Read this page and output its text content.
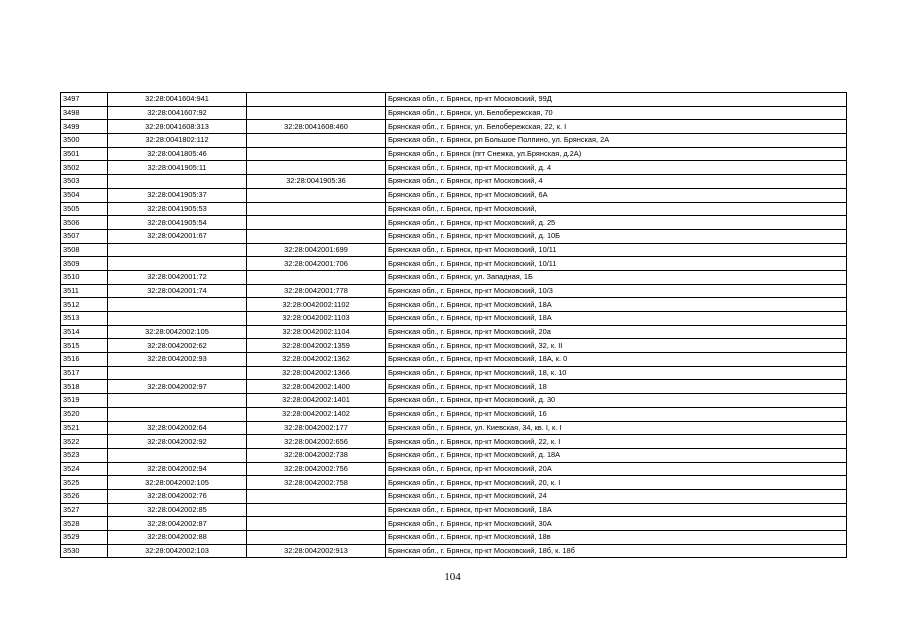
3497	32:28:0041604:941		Брянская обл., г. Брянск, пр-кт Московский, 99Д
3498	32:28:0041607:92		Брянская обл., г. Брянск, ул. Белобережская, 70
3499	32:28:0041608:313	32:28:0041608:460	Брянская обл., г. Брянск, ул. Белобережская, 22, к. І
3500	32:28:0041802:112		Брянская обл., г. Брянск, рп Большое Полпино, ул. Брянская, 2А
3501	32:28:0041805:46		Брянская обл., г. Брянск (пгт Снежка, ул.Брянская, д.2А)
3502	32:28:0041905:11		Брянская обл., г. Брянск, пр-кт Московский, д. 4
3503		32:28:0041905:36	Брянская обл., г. Брянск, пр-кт Московский, 4
3504	32:28:0041905:37		Брянская обл., г. Брянск, пр-кт Московский, 6А
3505	32:28:0041905:53		Брянская обл., г. Брянск, пр-кт Московский,
3506	32:28:0041905:54		Брянская обл., г. Брянск, пр-кт Московский, д. 25
3507	32:28:0042001:67		Брянская обл., г. Брянск, пр-кт Московский, д. 10Б
3508		32:28:0042001:699	Брянская обл., г. Брянск, пр-кт Московский, 10/11
3509		32:28:0042001:706	Брянская обл., г. Брянск, пр-кт Московский, 10/11
3510	32:28:0042001:72		Брянская обл., г. Брянск, ул. Западная, 1Б
3511	32:28:0042001:74	32:28:0042001:778	Брянская обл., г. Брянск, пр-кт Московский, 10/3
3512		32:28:0042002:1102	Брянская обл., г. Брянск, пр-кт Московский, 18А
3513		32:28:0042002:1103	Брянская обл., г. Брянск, пр-кт Московский, 18А
3514	32:28:0042002:105	32:28:0042002:1104	Брянская обл., г. Брянск, пр-кт Московский, 20а
3515	32:28:0042002:62	32:28:0042002:1359	Брянская обл., г. Брянск, пр-кт Московский, 32, к. ІІ
3516	32:28:0042002:93	32:28:0042002:1362	Брянская обл., г. Брянск, пр-кт Московский, 18А, к. 0
3517		32:28:0042002:1366	Брянская обл., г. Брянск, пр-кт Московский, 18, к. 10
3518	32:28:0042002:97	32:28:0042002:1400	Брянская обл., г. Брянск, пр-кт Московский, 18
3519		32:28:0042002:1401	Брянская обл., г. Брянск, пр-кт Московский, д. 30
3520		32:28:0042002:1402	Брянская обл., г. Брянск, пр-кт Московский, 16
3521	32:28:0042002:64	32:28:0042002:177	Брянская обл., г. Брянск, ул. Киевская, 34, кв. І, к. І
3522	32:28:0042002:92	32:28:0042002:656	Брянская обл., г. Брянск, пр-кт Московский, 22, к. І
3523		32:28:0042002:738	Брянская обл., г. Брянск, пр-кт Московский, д. 18А
3524	32:28:0042002:94	32:28:0042002:756	Брянская обл., г. Брянск, пр-кт Московский, 20А
3525	32:28:0042002:105	32:28:0042002:758	Брянская обл., г. Брянск, пр-кт Московский, 20, к. І
3526	32:28:0042002:76		Брянская обл., г. Брянск, пр-кт Московский, 24
3527	32:28:0042002:85		Брянская обл., г. Брянск, пр-кт Московский, 18А
3528	32:28:0042002:87		Брянская обл., г. Брянск, пр-кт Московский, 30А
3529	32:28:0042002:88		Брянская обл., г. Брянск, пр-кт Московский, 18в
3530	32:28:0042002:103	32:28:0042002:913	Брянская обл., г. Брянск, пр-кт Московский, 18б, к. 18б
104
